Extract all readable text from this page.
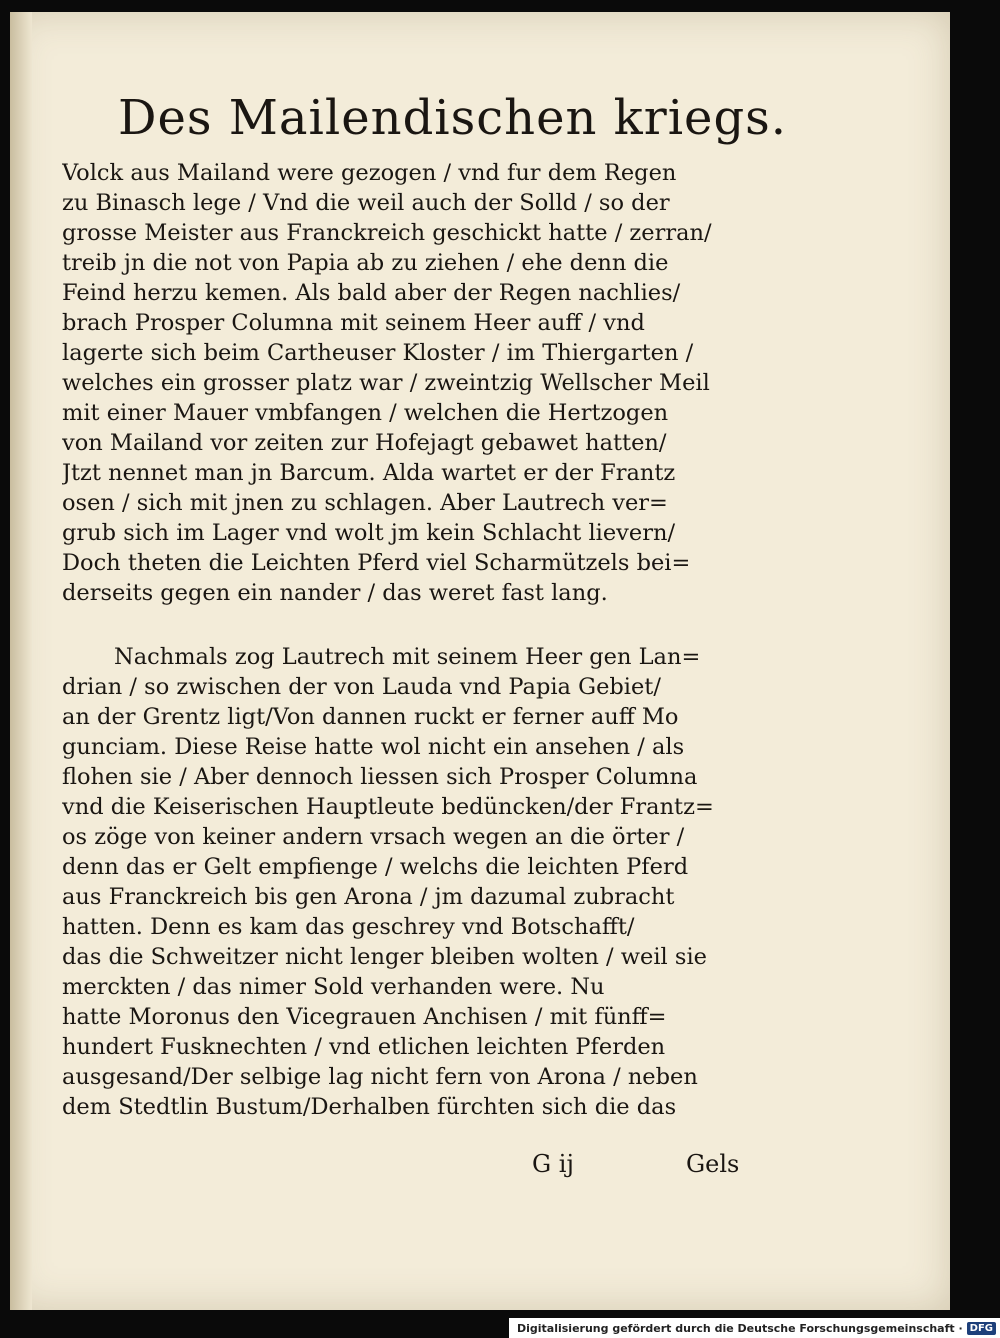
Des Mailendischen kriegs.
Volck aus Mailand were gezogen / vnd fur dem Regen
zu Binasch lege / Vnd die weil auch der Solld / so der
grosse Meister aus Franckreich geschickt hatte / zerran/
treib jn die not von Papia ab zu ziehen / ehe denn die
Feind herzu kemen. Als bald aber der Regen nachlies/
brach Prosper Columna mit seinem Heer auff / vnd
lagerte sich beim Cartheuser Kloster / im Thiergarten /
welches ein grosser platz war / zweintzig Wellscher Meil
mit einer Mauer vmbfangen / welchen die Hertzogen
von Mailand vor zeiten zur Hofejagt gebawet hatten/
Jtzt nennet man jn Barcum. Alda wartet er der Frantz
osen / sich mit jnen zu schlagen. Aber Lautrech ver=
grub sich im Lager vnd wolt jm kein Schlacht lievern/
Doch theten die Leichten Pferd viel Scharmützels bei=
derseits gegen ein nander / das weret fast lang.
Nachmals zog Lautrech mit seinem Heer gen Lan=
drian / so zwischen der von Lauda vnd Papia Gebiet/
an der Grentz ligt/Von dannen ruckt er ferner auff Mo
gunciam. Diese Reise hatte wol nicht ein ansehen / als
flohen sie / Aber dennoch liessen sich Prosper Columna
vnd die Keiserischen Hauptleute bedüncken/der Frantz=
os zöge von keiner andern vrsach wegen an die örter /
denn das er Gelt empfienge / welchs die leichten Pferd
aus Franckreich bis gen Arona / jm dazumal zubracht
hatten. Denn es kam das geschrey vnd Botschafft/
das die Schweitzer nicht lenger bleiben wolten / weil sie
merckten / das nimer Sold verhanden were. Nu
hatte Moronus den Vicegrauen Anchisen / mit fünff=
hundert Fusknechten / vnd etlichen leichten Pferden
ausgesand/Der selbige lag nicht fern von Arona / neben
dem Stedtlin Bustum/Derhalben fürchten sich die das
G ij	Gels
Digitalisierung gefördert durch die Deutsche Forschungsgemeinschaft · DFG
